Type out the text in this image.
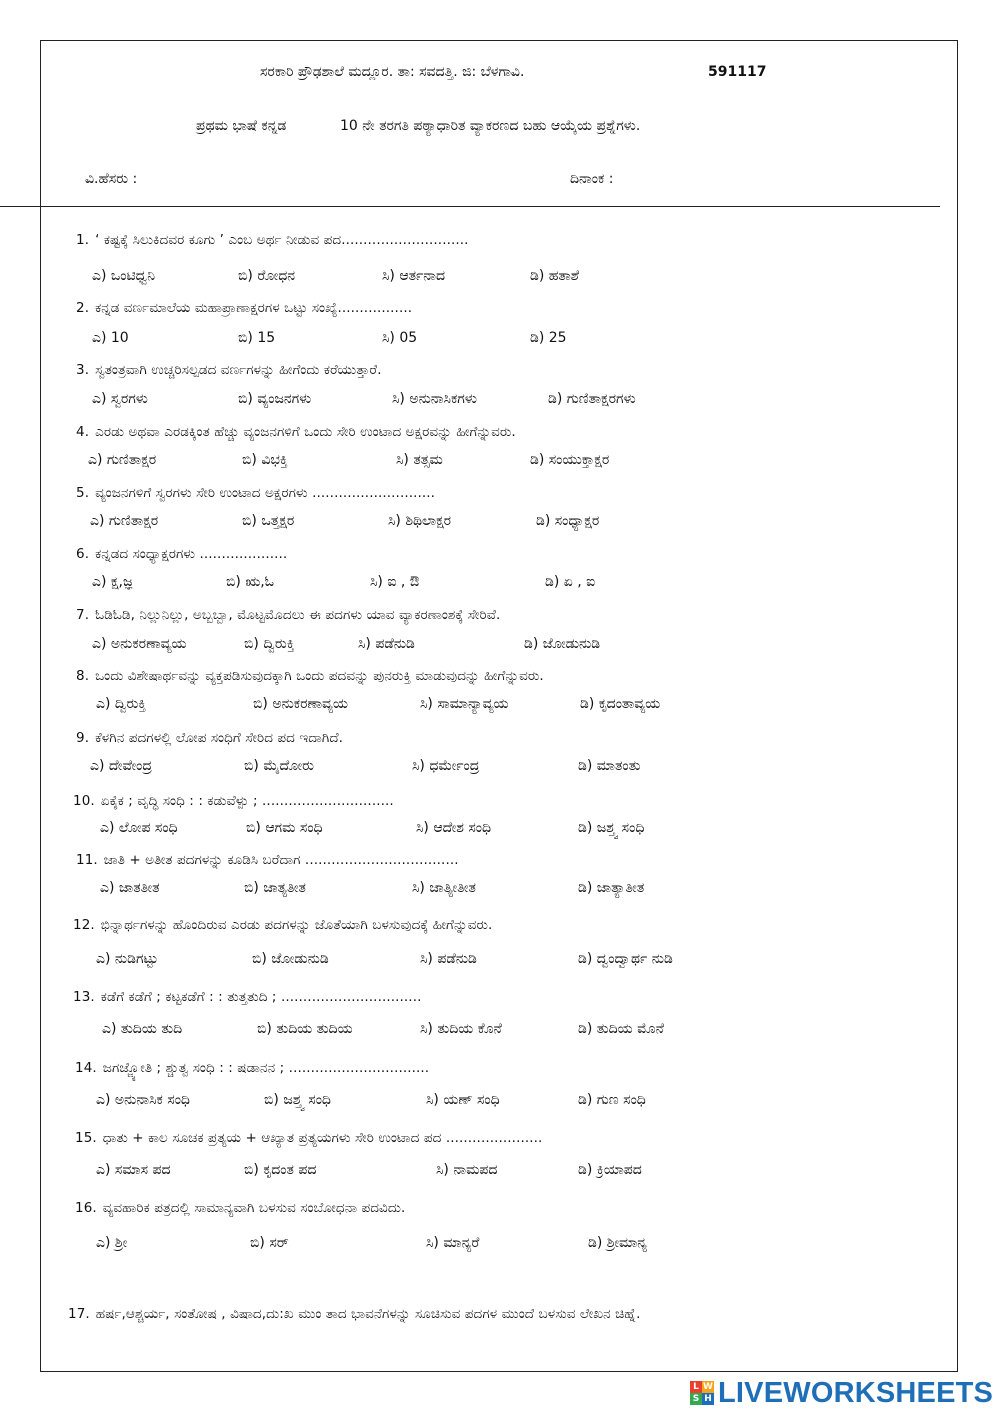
ಸರಕಾರಿ ಪ್ರೌಢಶಾಲೆ ಮದ್ಲೂರ. ತಾ: ಸವದತ್ತಿ. ಜಿ: ಬೆಳಗಾವಿ.	591117
ಪ್ರಥಮ ಭಾಷೆ ಕನ್ನಡ	10 ನೇ ತರಗತಿ ಪಠ್ಯಾಧಾರಿತ ವ್ಯಾಕರಣದ ಬಹು ಆಯ್ಕೆಯ ಪ್ರಶ್ನೆಗಳು.
ವಿ.ಹೆಸರು :	ದಿನಾಂಕ :
1. ‘ ಕಷ್ಟಕ್ಕೆ ಸಿಲುಕಿದವರ ಕೂಗು ’ ಎಂಬ ಅರ್ಥ ನೀಡುವ ಪದ.............................
ಎ) ಒಂಟಿಧ್ವನಿ	ಬಿ) ರೋಧನ	ಸಿ) ಆರ್ತನಾದ	ಡಿ) ಹತಾಶೆ
2. ಕನ್ನಡ ವರ್ಣಮಾಲೆಯ ಮಹಾಪ್ರಾಣಾಕ್ಷರಗಳ ಒಟ್ಟು ಸಂಖ್ಯೆ.................
ಎ) 10	ಬಿ) 15	ಸಿ) 05	ಡಿ) 25
3. ಸ್ವತಂತ್ರವಾಗಿ ಉಚ್ಚರಿಸಲ್ಪಡದ ವರ್ಣಗಳನ್ನು ಹೀಗೆಂದು ಕರೆಯುತ್ತಾರೆ.
ಎ) ಸ್ವರಗಳು	ಬಿ) ವ್ಯಂಜನಗಳು	ಸಿ) ಅನುನಾಸಿಕಗಳು	ಡಿ) ಗುಣಿತಾಕ್ಷರಗಳು
4. ಎರಡು ಅಥವಾ ಎರಡಕ್ಕಿಂತ ಹೆಚ್ಚು ವ್ಯಂಜನಗಳಿಗೆ ಒಂದು ಸೇರಿ ಉಂಟಾದ ಅಕ್ಷರವನ್ನು ಹೀಗೆನ್ನುವರು.
ಎ) ಗುಣಿತಾಕ್ಷರ	ಬಿ) ವಿಭಕ್ತಿ	ಸಿ) ತತ್ಸಮ	ಡಿ) ಸಂಯುಕ್ತಾಕ್ಷರ
5. ವ್ಯಂಜನಗಳಿಗೆ ಸ್ವರಗಳು ಸೇರಿ ಉಂಟಾದ ಅಕ್ಷರಗಳು ............................
ಎ) ಗುಣಿತಾಕ್ಷರ	ಬಿ) ಒತ್ತಕ್ಷರ	ಸಿ) ಶಿಥಿಲಾಕ್ಷರ	ಡಿ) ಸಂಧ್ಯಾಕ್ಷರ
6. ಕನ್ನಡದ ಸಂಧ್ಯಾಕ್ಷರಗಳು ....................
ಎ) ಕ್ಷ,ಜ್ಞ	ಬಿ) ಋ,ಓ	ಸಿ) ಐ , ಔ	ಡಿ) ಏ , ಐ
7. ಓಡಿಓಡಿ, ನಿಲ್ಲುನಿಲ್ಲು, ಅಬ್ಬಬ್ಬಾ, ಮೊಟ್ಟಮೊದಲು ಈ ಪದಗಳು ಯಾವ ವ್ಯಾಕರಣಾಂಶಕ್ಕೆ ಸೇರಿವೆ.
ಎ) ಅನುಕರಣಾವ್ಯಯ	ಬಿ) ದ್ವಿರುಕ್ತಿ	ಸಿ) ಪಡೆನುಡಿ	ಡಿ) ಜೋಡುನುಡಿ
8. ಒಂದು ವಿಶೇಷಾರ್ಥವನ್ನು ವ್ಯಕ್ತಪಡಿಸುವುದಕ್ಕಾಗಿ ಒಂದು ಪದವನ್ನು ಪುನರುಕ್ತಿ ಮಾಡುವುದನ್ನು ಹೀಗೆನ್ನುವರು.
ಎ) ದ್ವಿರುಕ್ತಿ	ಬಿ) ಅನುಕರಣಾವ್ಯಯ	ಸಿ) ಸಾಮಾನ್ಯಾವ್ಯಯ	ಡಿ) ಕೃದಂತಾವ್ಯಯ
9. ಕೆಳಗಿನ ಪದಗಳಲ್ಲಿ ಲೋಪ ಸಂಧಿಗೆ ಸೇರಿದ ಪದ ಇದಾಗಿದೆ.
ಎ) ದೇವೇಂದ್ರ	ಬಿ) ಮೈದೋರು	ಸಿ) ಧರ್ಮೇಂದ್ರ	ಡಿ) ಮಾತಂತು
10. ಏಕೈಕ ; ವೃದ್ಧಿ ಸಂಧಿ : : ಕಡುವೆಳ್ಪು ; ..............................
ಎ) ಲೋಪ ಸಂಧಿ	ಬಿ) ಆಗಮ ಸಂಧಿ	ಸಿ) ಆದೇಶ ಸಂಧಿ	ಡಿ) ಜಶ್ತ್ವ ಸಂಧಿ
11. ಜಾತಿ + ಅತೀತ ಪದಗಳನ್ನು ಕೂಡಿಸಿ ಬರೆದಾಗ ...................................
ಎ) ಜಾತತೀತ	ಬಿ) ಜಾತ್ಯತೀತ	ಸಿ) ಜಾತ್ಯೀತೀತ	ಡಿ) ಜಾತ್ಯಾತೀತ
12. ಭಿನ್ನಾರ್ಥಗಳನ್ನು ಹೊಂದಿರುವ ಎರಡು ಪದಗಳನ್ನು ಜೊತೆಯಾಗಿ ಬಳಸುವುದಕ್ಕೆ ಹೀಗೆನ್ನುವರು.
ಎ) ನುಡಿಗಟ್ಟು	ಬಿ) ಜೋಡುನುಡಿ	ಸಿ) ಪಡೆನುಡಿ	ಡಿ) ದ್ವಂದ್ವಾರ್ಥ ನುಡಿ
13. ಕಡೆಗೆ ಕಡೆಗೆ ; ಕಟ್ಟಕಡೆಗೆ : : ತುತ್ತತುದಿ ; ................................
ಎ) ತುದಿಯ ತುದಿ	ಬಿ) ತುದಿಯ ತುದಿಯ	ಸಿ) ತುದಿಯ ಕೊನೆ	ಡಿ) ತುದಿಯ ಮೊನೆ
14. ಜಗಜ್ಜ್ಯೋತಿ ; ಶ್ಚುತ್ವ ಸಂಧಿ : : ಷಡಾನನ ; ................................
ಎ) ಅನುನಾಸಿಕ ಸಂಧಿ	ಬಿ) ಜಶ್ತ್ವ ಸಂಧಿ	ಸಿ) ಯಣ್ ಸಂಧಿ	ಡಿ) ಗುಣ ಸಂಧಿ
15. ಧಾತು + ಕಾಲ ಸೂಚಕ ಪ್ರತ್ಯಯ + ಆಖ್ಯಾತ ಪ್ರತ್ಯಯಗಳು ಸೇರಿ ಉಂಟಾದ ಪದ ......................
ಎ) ಸಮಾಸ ಪದ	ಬಿ) ಕೃದಂತ ಪದ	ಸಿ) ನಾಮಪದ	ಡಿ) ಕ್ರಿಯಾಪದ
16. ವ್ಯವಹಾರಿಕ ಪತ್ರದಲ್ಲಿ ಸಾಮಾನ್ಯವಾಗಿ ಬಳಸುವ ಸಂಬೋಧನಾ ಪದವಿದು.
ಎ) ಶ್ರೀ	ಬಿ) ಸರ್	ಸಿ) ಮಾನ್ಯರೆ	ಡಿ) ಶ್ರೀಮಾನ್ಯ
17. ಹರ್ಷ,ಆಶ್ಚರ್ಯ, ಸಂತೋಷ , ವಿಷಾದ,ದು:ಖ ಮುಂ ತಾದ ಭಾವನೆಗಳನ್ನು ಸೂಚಿಸುವ ಪದಗಳ ಮುಂದೆ ಬಳಸುವ ಲೇಖನ ಚಿಹ್ನೆ.
L W
S H LIVEWORKSHEETS
